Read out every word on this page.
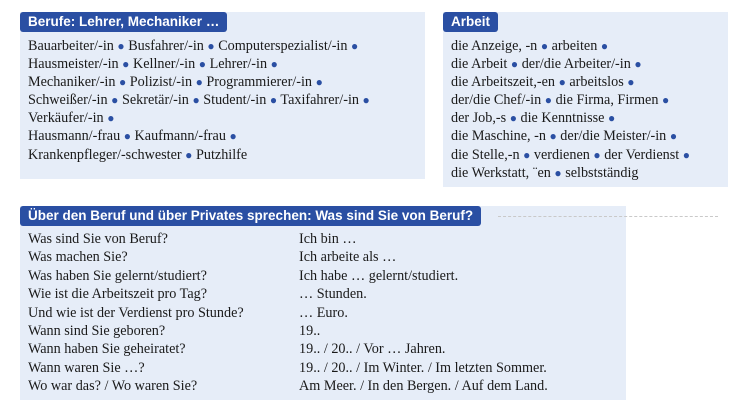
Berufe: Lehrer, Mechaniker …
Bauarbeiter/-in ● Busfahrer/-in ● Computerspezialist/-in ●
Hausmeister/-in ● Kellner/-in ● Lehrer/-in ●
Mechaniker/-in ● Polizist/-in ● Programmierer/-in ●
Schweißer/-in ● Sekretär/-in ● Student/-in ● Taxifahrer/-in ●
Verkäufer/-in ●
Hausmann/-frau ● Kaufmann/-frau ●
Krankenpfleger/-schwester ● Putzhilfe
Arbeit
die Anzeige, -n ● arbeiten ●
die Arbeit ● der/die Arbeiter/-in ●
die Arbeitszeit,-en ● arbeitslos ●
der/die Chef/-in ● die Firma, Firmen ●
der Job,-s ● die Kenntnisse ●
die Maschine, -n ● der/die Meister/-in ●
die Stelle,-n ● verdienen ● der Verdienst ●
die Werkstatt, ¨en ● selbstständig
Über den Beruf und über Privates sprechen: Was sind Sie von Beruf?
Was sind Sie von Beruf?	Ich bin …
Was machen Sie?	Ich arbeite als …
Was haben Sie gelernt/studiert?	Ich habe … gelernt/studiert.
Wie ist die Arbeitszeit pro Tag?	… Stunden.
Und wie ist der Verdienst pro Stunde?	… Euro.
Wann sind Sie geboren?	19..
Wann haben Sie geheiratet?	19.. / 20.. / Vor … Jahren.
Wann waren Sie …?	19.. / 20.. / Im Winter. / Im letzten Sommer.
Wo war das? / Wo waren Sie?	Am Meer. / In den Bergen. / Auf dem Land.
